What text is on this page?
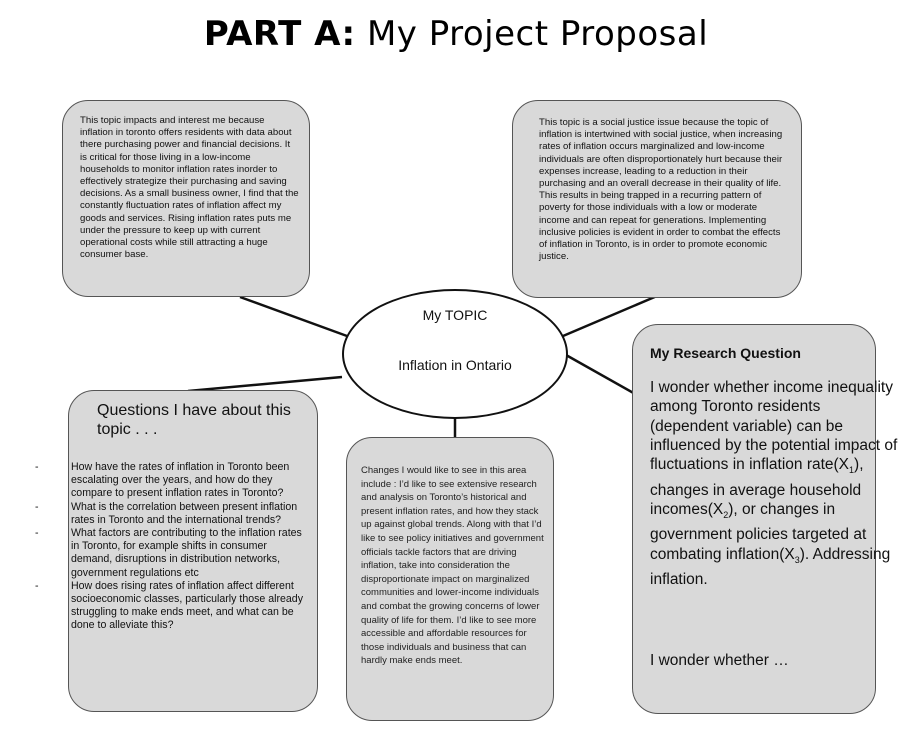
PART A: My Project Proposal
This topic impacts and interest me because inflation in toronto offers residents with data about there purchasing power and financial decisions. It is critical for those living in a low-income households to monitor inflation rates inorder to effectively strategize their purchasing and saving decisions. As a small business owner, I find that the constantly fluctuation rates of inflation affect my goods and services. Rising inflation rates puts me under the pressure to keep up with current operational costs while still attracting a huge consumer base.
This topic is a social justice issue because the topic of inflation is intertwined with social justice, when increasing rates of inflation occurs marginalized and low-income individuals are often disproportionately hurt because their expenses increase, leading to a reduction in their purchasing and an overall decrease in their quality of life. This results in being trapped in a recurring pattern of poverty for those individuals with a low or moderate income and can repeat for generations. Implementing inclusive policies is evident in order to combat the effects of inflation in Toronto, is in order to promote economic justice.
My TOPIC
Inflation in Ontario
Questions I have about this topic . . .
- How have the rates of inflation in Toronto been escalating over the years, and how do they compare to present inflation rates in Toronto?
- What is the correlation between present inflation rates in Toronto and the international trends?
- What factors are contributing to the inflation rates in Toronto, for example shifts in consumer demand, disruptions in distribution networks, government regulations etc
- How does rising rates of inflation affect different socioeconomic classes, particularly those already struggling to make ends meet, and what can be done to alleviate this?
Changes I would like to see in this area include : I’d like to see extensive research and analysis on Toronto’s historical and present inflation rates, and how they stack up against global trends. Along with that I’d like to see policy initiatives and government officials tackle factors that are driving inflation, take into consideration the disproportionate impact on marginalized communities and lower-income individuals and combat the growing concerns of lower quality of life for them. I’d like to see more accessible and affordable resources for those individuals and business that can hardly make ends meet.
My Research Question
I wonder whether income inequality among Toronto residents (dependent variable) can be influenced by the potential impact of fluctuations in inflation $rate(X_1)$, changes in average household $incomes(X_2)$, or changes in government policies targeted at combating $inflation(X_3)$. Addressing inflation.
I wonder whether …
